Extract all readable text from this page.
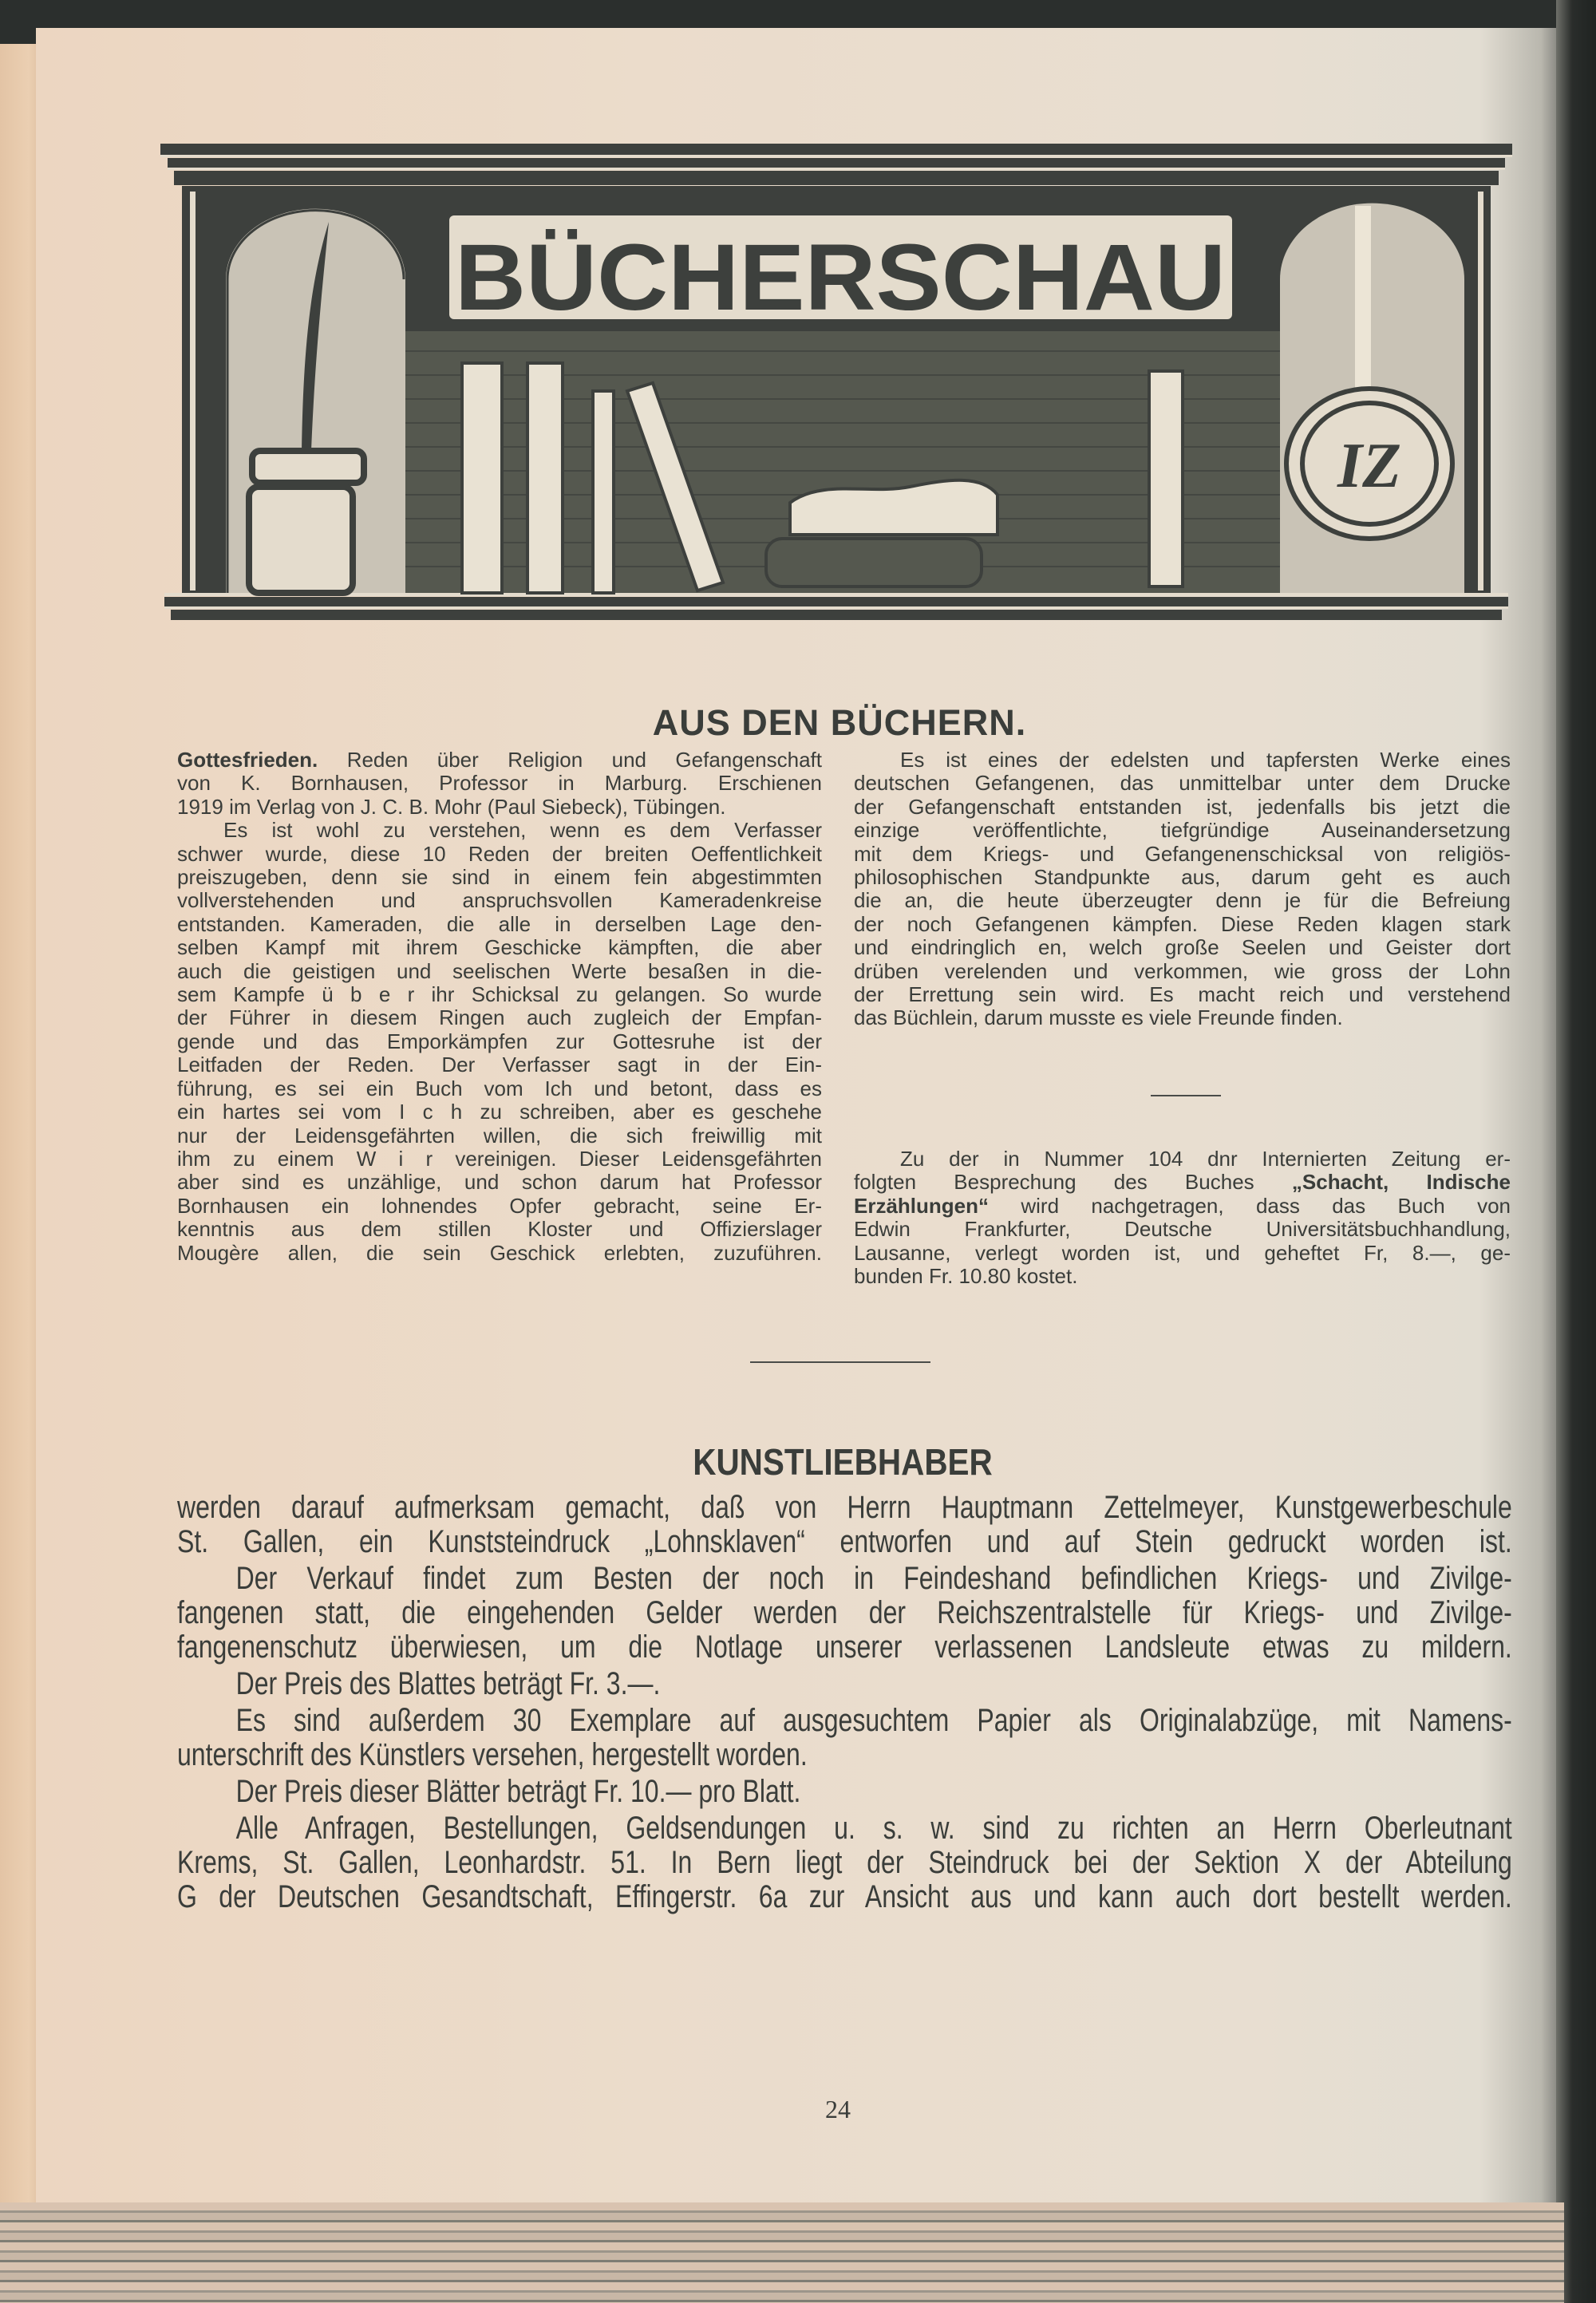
BÜCHERSCHAU
IZ
AUS DEN BÜCHERN.
Gottesfrieden. Reden über Religion und Gefangenschaft
von K. Bornhausen, Professor in Marburg. Erschienen
1919 im Verlag von J. C. B. Mohr (Paul Siebeck), Tübingen.
Es ist wohl zu verstehen, wenn es dem Verfasser
schwer wurde, diese 10 Reden der breiten Oeffentlichkeit
preiszugeben, denn sie sind in einem fein abgestimmten
vollverstehenden und anspruchsvollen Kameradenkreise
entstanden. Kameraden, die alle in derselben Lage den-
selben Kampf mit ihrem Geschicke kämpften, die aber
auch die geistigen und seelischen Werte besaßen in die-
sem Kampfe ü b e r ihr Schicksal zu gelangen. So wurde
der Führer in diesem Ringen auch zugleich der Empfan-
gende und das Emporkämpfen zur Gottesruhe ist der
Leitfaden der Reden. Der Verfasser sagt in der Ein-
führung, es sei ein Buch vom Ich und betont, dass es
ein hartes sei vom I c h zu schreiben, aber es geschehe
nur der Leidensgefährten willen, die sich freiwillig mit
ihm zu einem W i r vereinigen. Dieser Leidensgefährten
aber sind es unzählige, und schon darum hat Professor
Bornhausen ein lohnendes Opfer gebracht, seine Er-
kenntnis aus dem stillen Kloster und Offizierslager
Mougère allen, die sein Geschick erlebten, zuzuführen.
Es ist eines der edelsten und tapfersten Werke eines
deutschen Gefangenen, das unmittelbar unter dem Drucke
der Gefangenschaft entstanden ist, jedenfalls bis jetzt die
einzige veröffentlichte, tiefgründige Auseinandersetzung
mit dem Kriegs- und Gefangenenschicksal von religiös-
philosophischen Standpunkte aus, darum geht es auch
die an, die heute überzeugter denn je für die Befreiung
der noch Gefangenen kämpfen. Diese Reden klagen stark
und eindringlich en, welch große Seelen und Geister dort
drüben verelenden und verkommen, wie gross der Lohn
der Errettung sein wird. Es macht reich und verstehend
das Büchlein, darum musste es viele Freunde finden.
Zu der in Nummer 104 dnr Internierten Zeitung er-
folgten Besprechung des Buches „Schacht, Indische
Erzählungen“ wird nachgetragen, dass das Buch von
Edwin Frankfurter, Deutsche Universitätsbuchhandlung,
Lausanne, verlegt worden ist, und geheftet Fr, 8.—, ge-
bunden Fr. 10.80 kostet.
KUNSTLIEBHABER
werden darauf aufmerksam gemacht, daß von Herrn Hauptmann Zettelmeyer, Kunstgewerbeschule
St. Gallen, ein Kunststeindruck „Lohnsklaven“ entworfen und auf Stein gedruckt worden ist.
Der Verkauf findet zum Besten der noch in Feindeshand befindlichen Kriegs- und Zivilge-
fangenen statt, die eingehenden Gelder werden der Reichszentralstelle für Kriegs- und Zivilge-
fangenenschutz überwiesen, um die Notlage unserer verlassenen Landsleute etwas zu mildern.
Der Preis des Blattes beträgt Fr. 3.—.
Es sind außerdem 30 Exemplare auf ausgesuchtem Papier als Originalabzüge, mit Namens-
unterschrift des Künstlers versehen, hergestellt worden.
Der Preis dieser Blätter beträgt Fr. 10.— pro Blatt.
Alle Anfragen, Bestellungen, Geldsendungen u. s. w. sind zu richten an Herrn Oberleutnant
Krems, St. Gallen, Leonhardstr. 51. In Bern liegt der Steindruck bei der Sektion X der Abteilung
G der Deutschen Gesandtschaft, Effingerstr. 6a zur Ansicht aus und kann auch dort bestellt werden.
24
